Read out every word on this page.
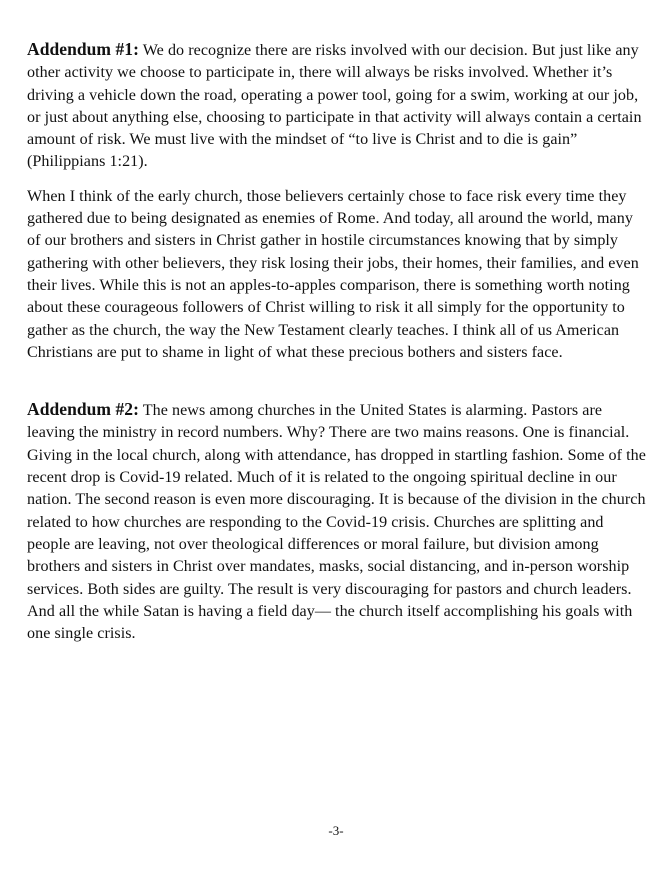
Addendum #1: We do recognize there are risks involved with our decision. But just like any other activity we choose to participate in, there will always be risks involved. Whether it’s driving a vehicle down the road, operating a power tool, going for a swim, working at our job, or just about anything else, choosing to participate in that activity will always contain a certain amount of risk. We must live with the mindset of “to live is Christ and to die is gain” (Philippians 1:21).

When I think of the early church, those believers certainly chose to face risk every time they gathered due to being designated as enemies of Rome. And today, all around the world, many of our brothers and sisters in Christ gather in hostile circumstances knowing that by simply gathering with other believers, they risk losing their jobs, their homes, their families, and even their lives. While this is not an apples-to-apples comparison, there is something worth noting about these courageous followers of Christ willing to risk it all simply for the opportunity to gather as the church, the way the New Testament clearly teaches. I think all of us American Christians are put to shame in light of what these precious bothers and sisters face.

Addendum #2: The news among churches in the United States is alarming. Pastors are leaving the ministry in record numbers. Why? There are two mains reasons. One is financial. Giving in the local church, along with attendance, has dropped in startling fashion. Some of the recent drop is Covid-19 related. Much of it is related to the ongoing spiritual decline in our nation. The second reason is even more discouraging. It is because of the division in the church related to how churches are responding to the Covid-19 crisis. Churches are splitting and people are leaving, not over theological differences or moral failure, but division among brothers and sisters in Christ over mandates, masks, social distancing, and in-person worship services. Both sides are guilty. The result is very discouraging for pastors and church leaders. And all the while Satan is having a field day— the church itself accomplishing his goals with one single crisis.

-3-
